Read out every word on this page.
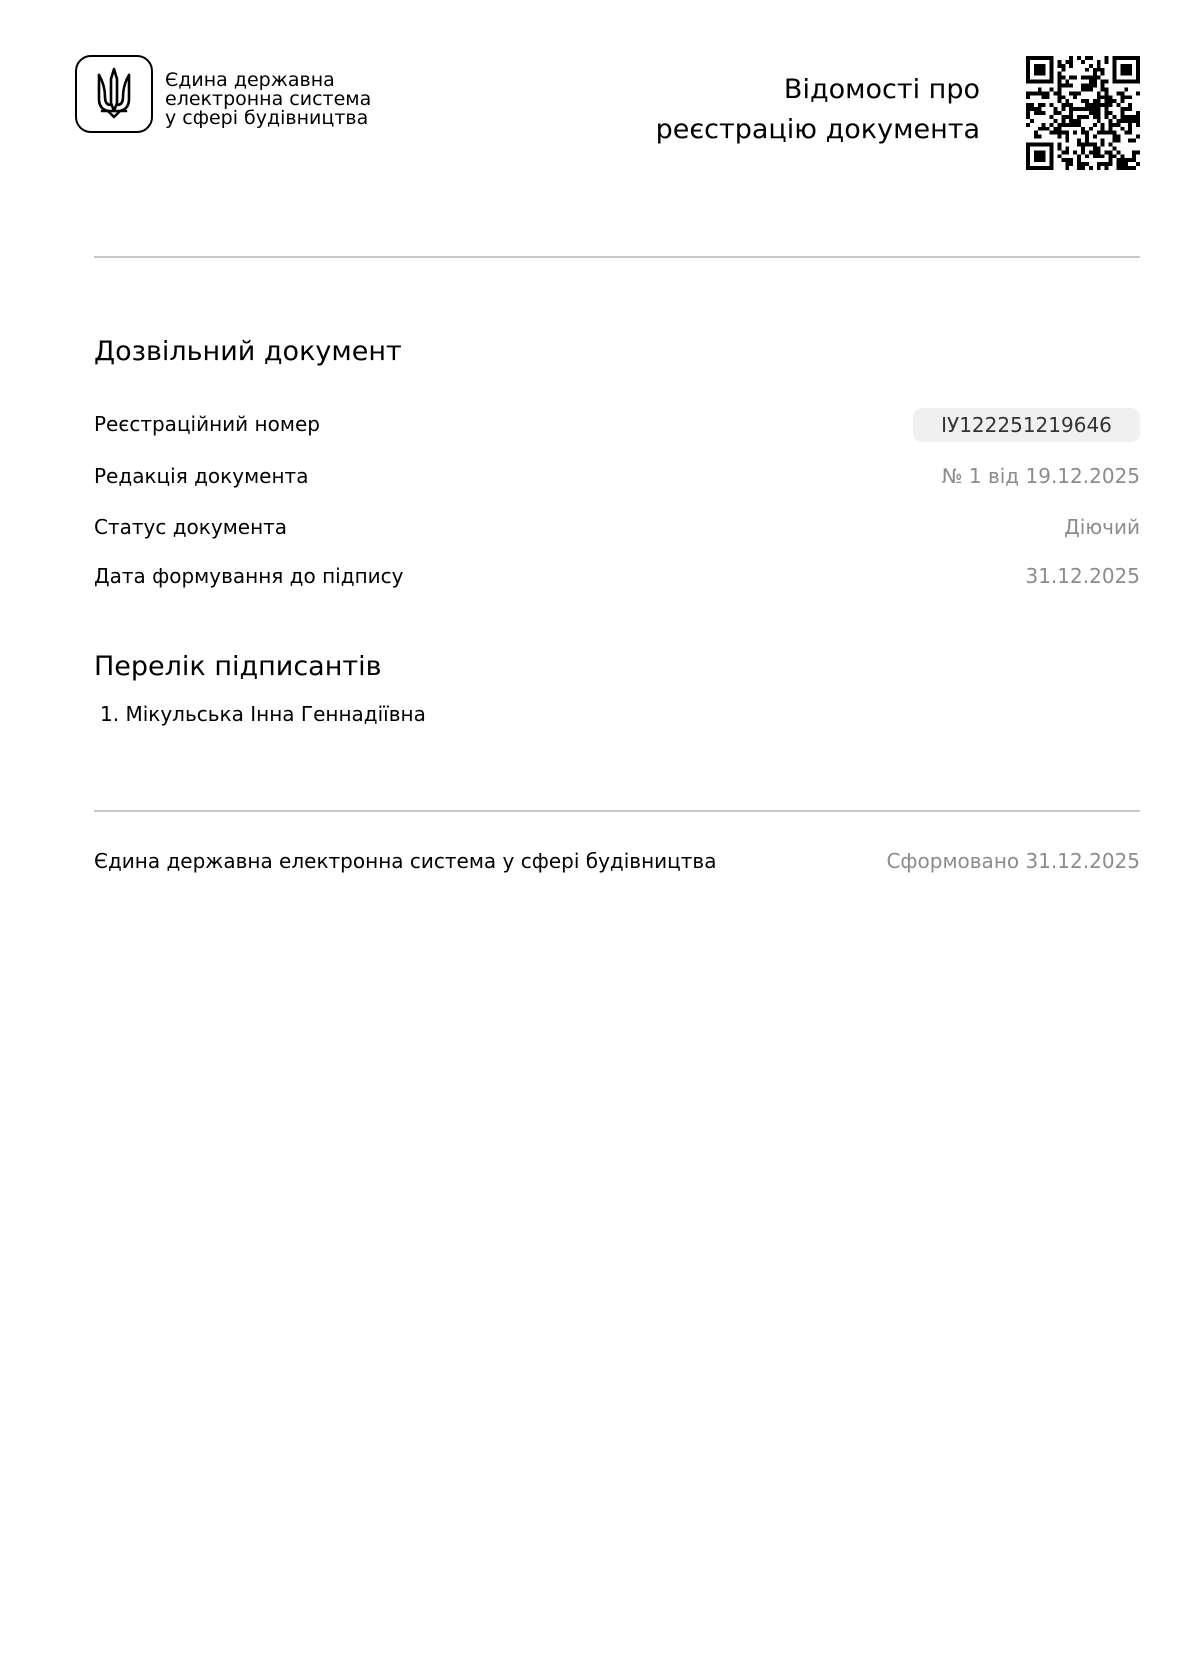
Єдина державна
електронна система
у сфері будівництва
Відомості про
реєстрацію документа
Дозвільний документ
Реєстраційний номер	ІУ122251219646
Редакція документа	№ 1 від 19.12.2025
Статус документа	Діючий
Дата формування до підпису	31.12.2025
Перелік підписантів
1. Мікульська Інна Геннадіївна
Єдина державна електронна система у сфері будівництва	Сформовано 31.12.2025
